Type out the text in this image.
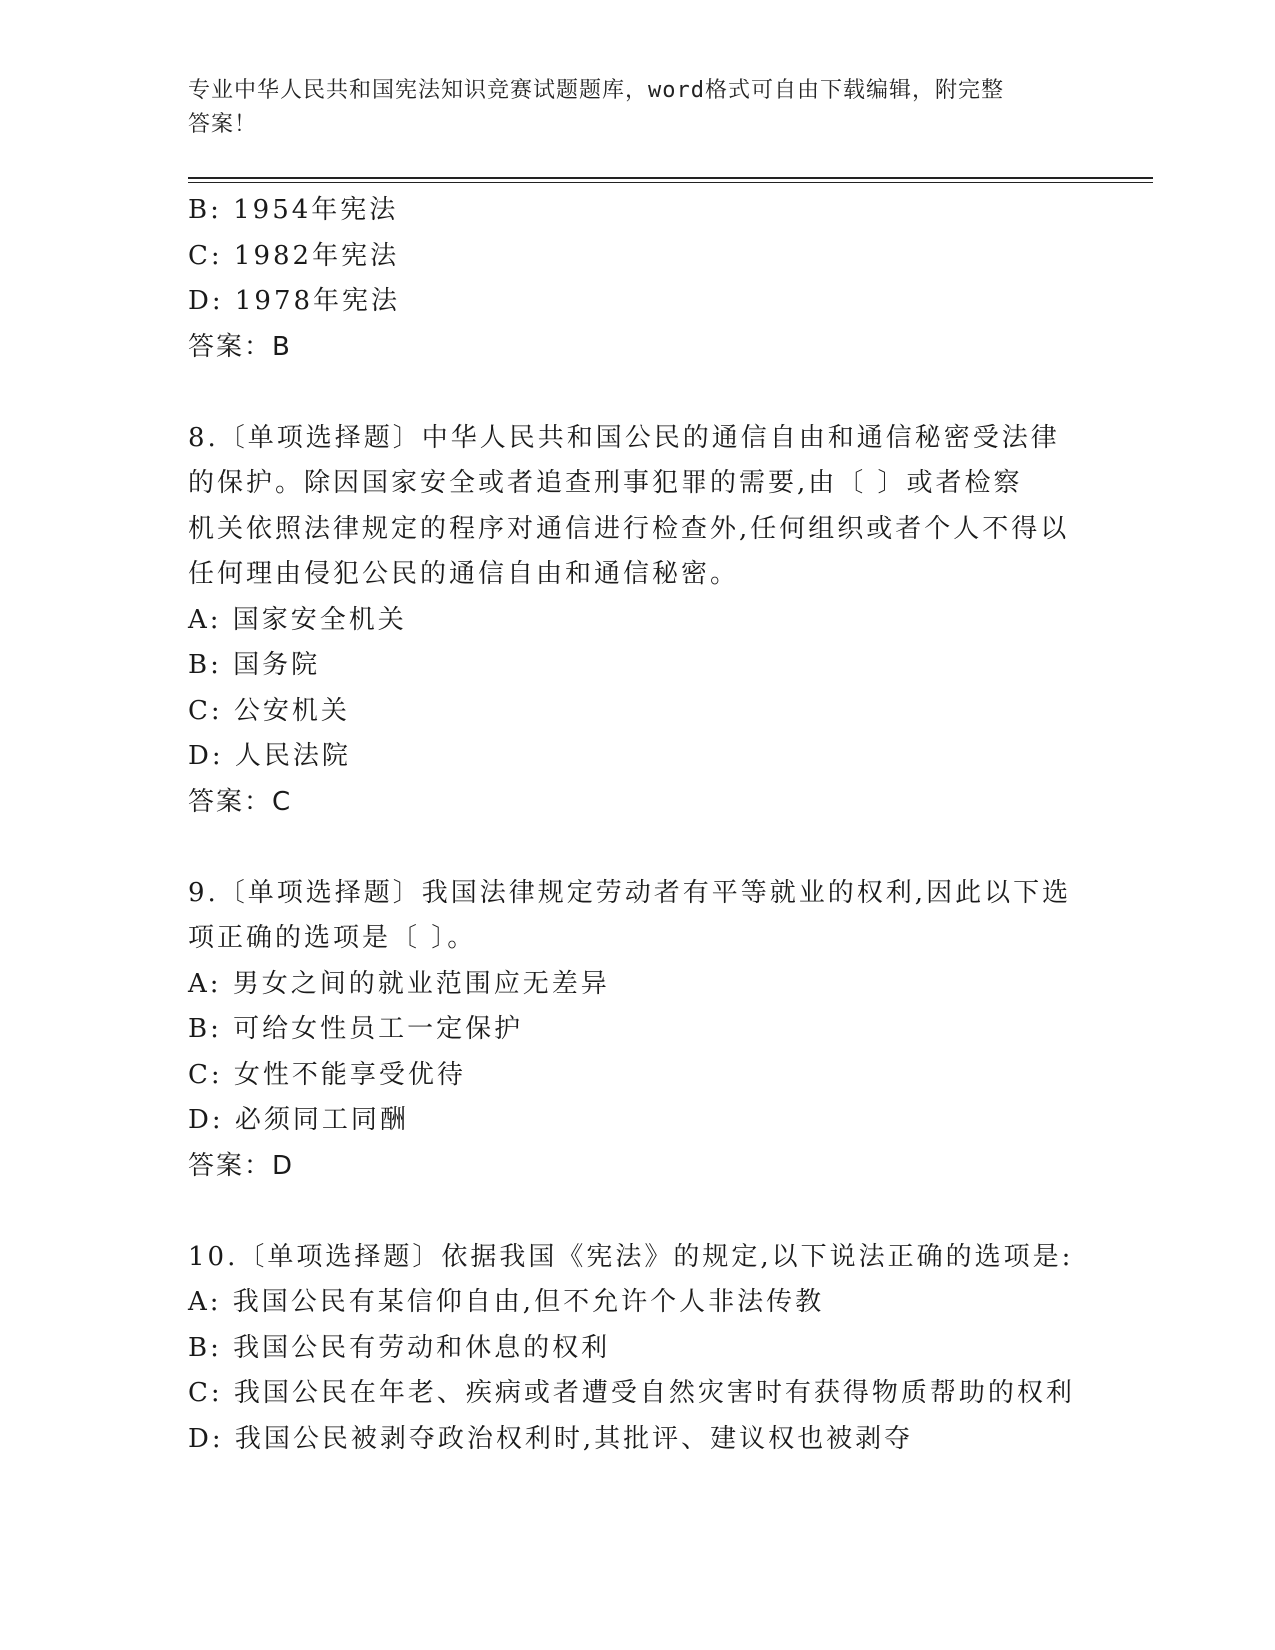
专业中华人民共和国宪法知识竞赛试题题库，word格式可自由下载编辑，附完整
答案！
B: 1954年宪法
C: 1982年宪法
D: 1978年宪法
答案：B
8.〔单项选择题〕中华人民共和国公民的通信自由和通信秘密受法律
的保护。除因国家安全或者追查刑事犯罪的需要,由〔 〕或者检察
机关依照法律规定的程序对通信进行检查外,任何组织或者个人不得以
任何理由侵犯公民的通信自由和通信秘密。
A: 国家安全机关
B: 国务院
C: 公安机关
D: 人民法院
答案：C
9.〔单项选择题〕我国法律规定劳动者有平等就业的权利,因此以下选
项正确的选项是〔 〕。
A: 男女之间的就业范围应无差异
B: 可给女性员工一定保护
C: 女性不能享受优待
D: 必须同工同酬
答案：D
10.〔单项选择题〕依据我国《宪法》的规定,以下说法正确的选项是:
A: 我国公民有某信仰自由,但不允许个人非法传教
B: 我国公民有劳动和休息的权利
C: 我国公民在年老、疾病或者遭受自然灾害时有获得物质帮助的权利
D: 我国公民被剥夺政治权利时,其批评、建议权也被剥夺
